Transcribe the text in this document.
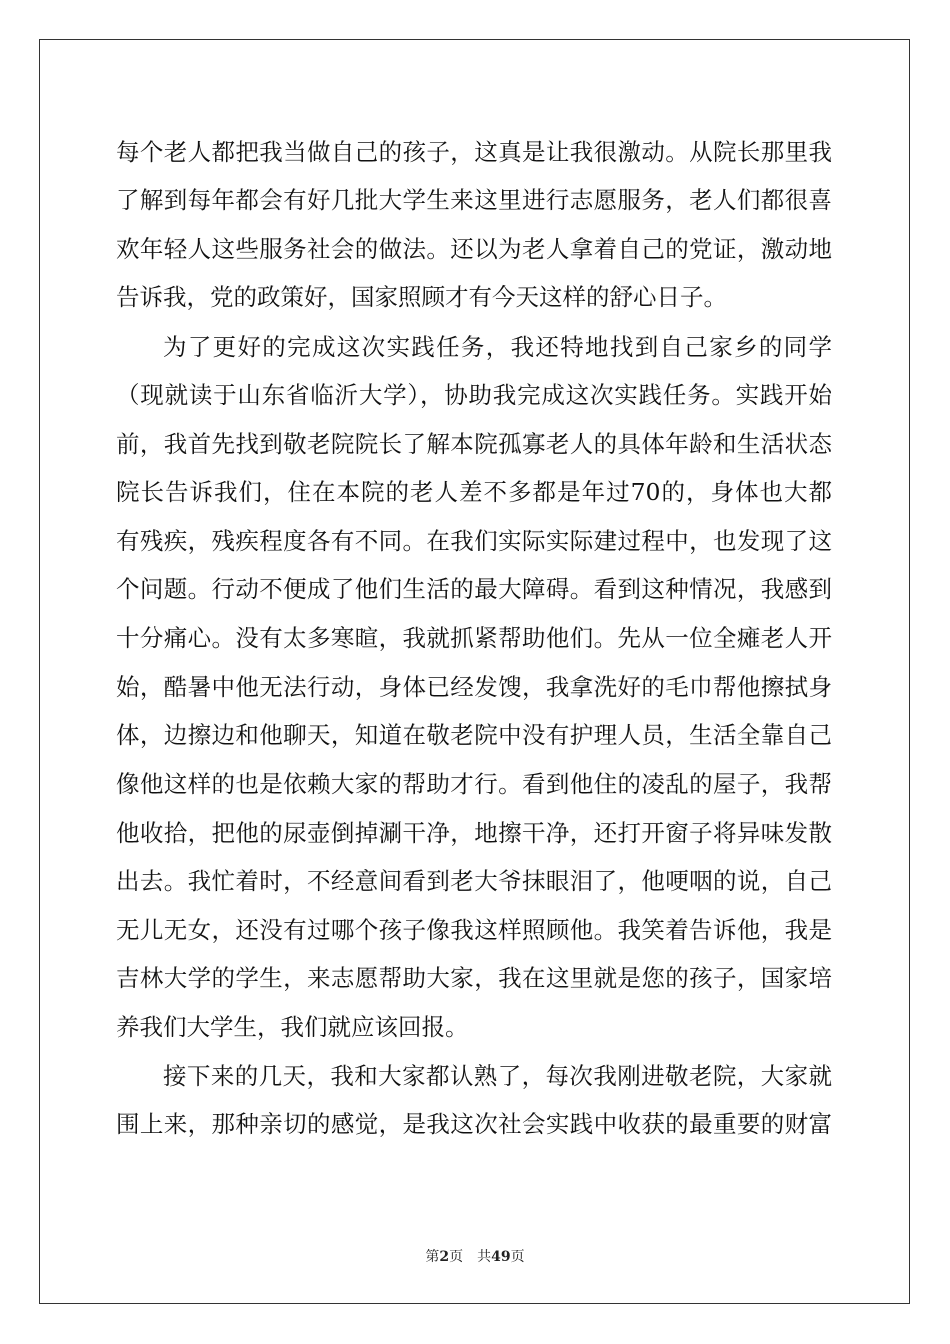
每个老人都把我当做自己的孩子，这真是让我很激动。从院长那里我
了解到每年都会有好几批大学生来这里进行志愿服务，老人们都很喜
欢年轻人这些服务社会的做法。还以为老人拿着自己的党证，激动地
告诉我，党的政策好，国家照顾才有今天这样的舒心日子。
为了更好的完成这次实践任务，我还特地找到自己家乡的同学
（现就读于山东省临沂大学），协助我完成这次实践任务。实践开始
前，我首先找到敬老院院长了解本院孤寡老人的具体年龄和生活状态
院长告诉我们，住在本院的老人差不多都是年过70的，身体也大都
有残疾，残疾程度各有不同。在我们实际实际建过程中，也发现了这
个问题。行动不便成了他们生活的最大障碍。看到这种情况，我感到
十分痛心。没有太多寒暄，我就抓紧帮助他们。先从一位全瘫老人开
始，酷暑中他无法行动，身体已经发馊，我拿洗好的毛巾帮他擦拭身
体，边擦边和他聊天，知道在敬老院中没有护理人员，生活全靠自己
像他这样的也是依赖大家的帮助才行。看到他住的凌乱的屋子，我帮
他收拾，把他的尿壶倒掉涮干净，地擦干净，还打开窗子将异味发散
出去。我忙着时，不经意间看到老大爷抹眼泪了，他哽咽的说，自己
无儿无女，还没有过哪个孩子像我这样照顾他。我笑着告诉他，我是
吉林大学的学生，来志愿帮助大家，我在这里就是您的孩子，国家培
养我们大学生，我们就应该回报。
接下来的几天，我和大家都认熟了，每次我刚进敬老院，大家就
围上来，那种亲切的感觉，是我这次社会实践中收获的最重要的财富
第2页 共49页
